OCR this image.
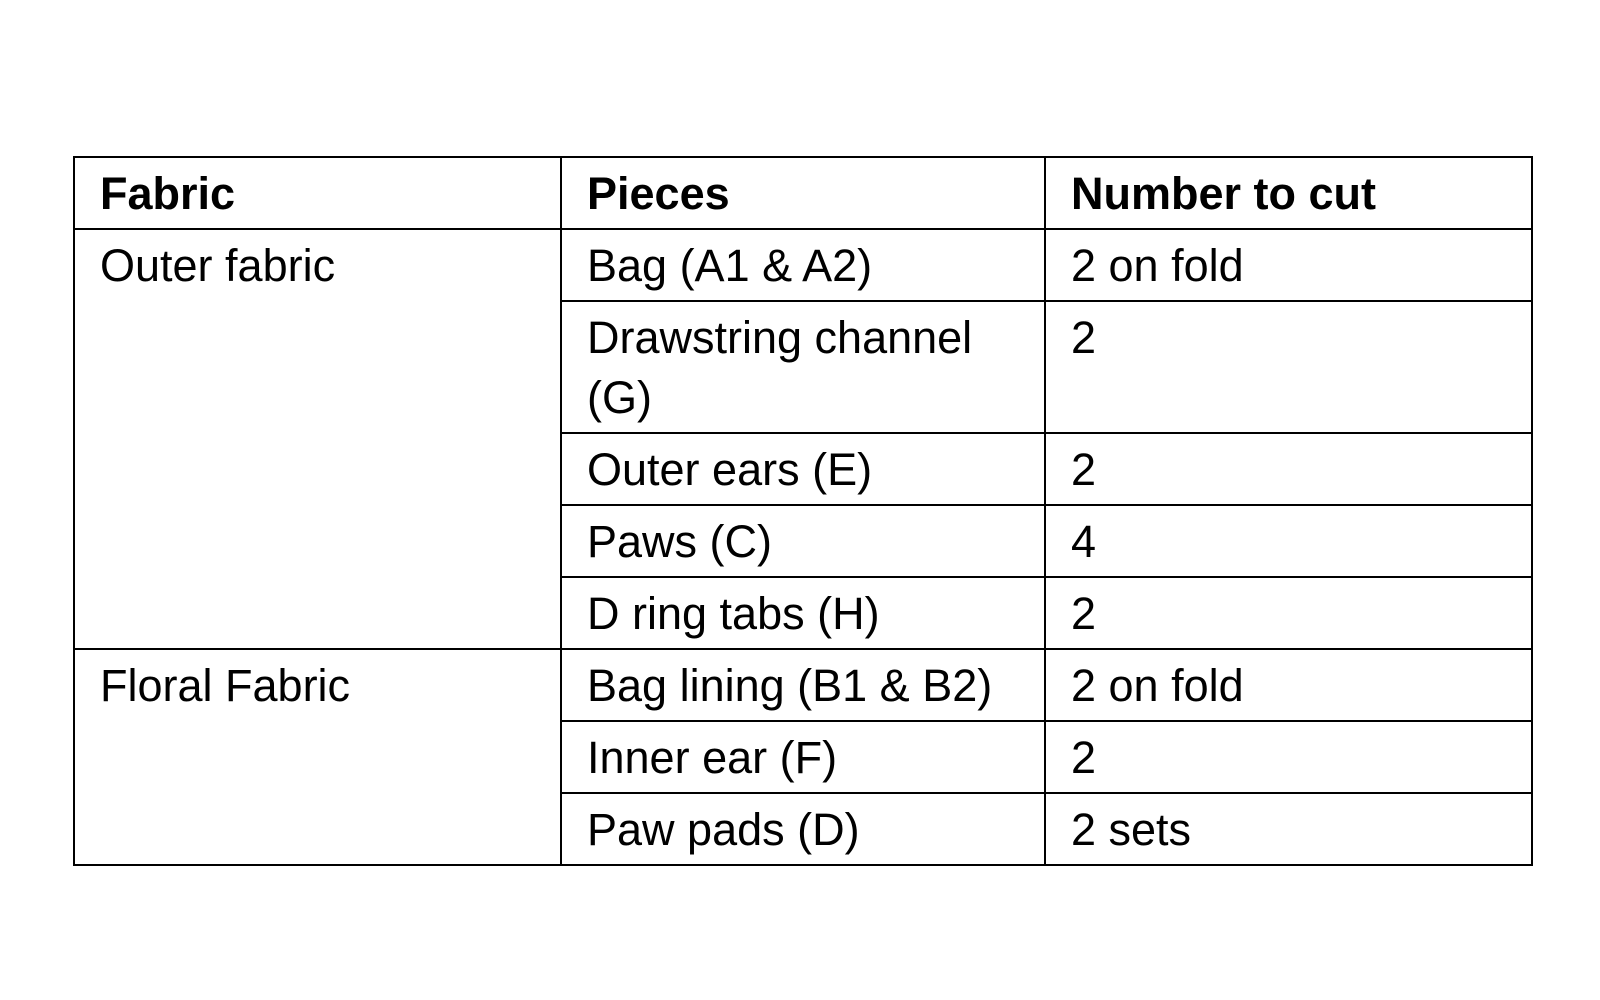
Fabric	Pieces	Number to cut
Outer fabric	Bag (A1 & A2)	2 on fold
	Drawstring channel (G)	2
	Outer ears (E)	2
	Paws (C)	4
	D ring tabs (H)	2
Floral Fabric	Bag lining (B1 & B2)	2 on fold
	Inner ear (F)	2
	Paw pads (D)	2 sets
